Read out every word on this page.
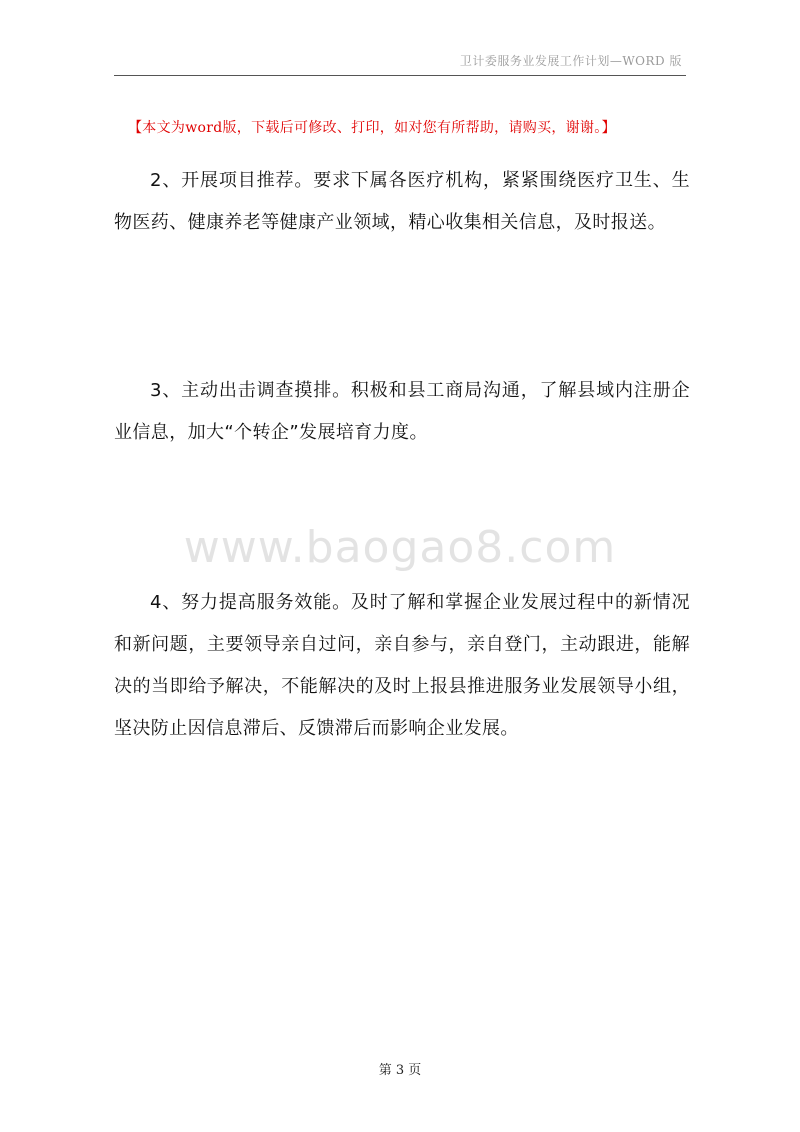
卫计委服务业发展工作计划—WORD 版
【本文为word版，下载后可修改、打印，如对您有所帮助，请购买，谢谢。】
2、开展项目推荐。要求下属各医疗机构，紧紧围绕医疗卫生、生物医药、健康养老等健康产业领域，精心收集相关信息，及时报送。
3、主动出击调查摸排。积极和县工商局沟通，了解县域内注册企业信息，加大“个转企”发展培育力度。
www.baogao8.com
4、努力提高服务效能。及时了解和掌握企业发展过程中的新情况和新问题，主要领导亲自过问，亲自参与，亲自登门，主动跟进，能解决的当即给予解决，不能解决的及时上报县推进服务业发展领导小组，坚决防止因信息滞后、反馈滞后而影响企业发展。
第 3 页
